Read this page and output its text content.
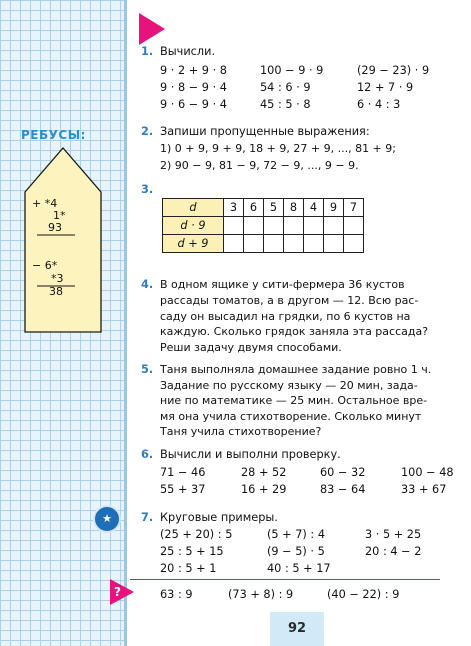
РЕБУСЫ:
+ *4
1*
93
− 6*
*3
38
1. Вычисли.
9 · 2 + 9 · 8	100 − 9 · 9	(29 − 23) · 9
9 · 8 − 9 · 4	54 : 6 · 9	12 + 7 · 9
9 · 6 − 9 · 4	45 : 5 · 8	6 · 4 : 3
2. Запиши пропущенные выражения:
1) 0 + 9, 9 + 9, 18 + 9, 27 + 9, ..., 81 + 9;
2) 90 − 9, 81 − 9, 72 − 9, ..., 9 − 9.
3.
d	3	6	5	8	4	9	7
d · 9							
d + 9							
4. В одном ящике у сити-фермера 36 кустов
рассады томатов, а в другом — 12. Всю рас-
саду он высадил на грядки, по 6 кустов на
каждую. Сколько грядок заняла эта рассада?
Реши задачу двумя способами.
5. Таня выполняла домашнее задание ровно 1 ч.
Задание по русскому языку — 20 мин, зада-
ние по математике — 25 мин. Остальное вре-
мя она учила стихотворение. Сколько минут
Таня учила стихотворение?
6. Вычисли и выполни проверку.
71 − 46	28 + 52	60 − 32	100 − 48
55 + 37	16 + 29	83 − 64	33 + 67
★	7. Круговые примеры.
(25 + 20) : 5	(5 + 7) : 4	3 · 5 + 25
25 : 5 + 15	(9 − 5) · 5	20 : 4 − 2
20 : 5 + 1	40 : 5 + 17
?	63 : 9	(73 + 8) : 9	(40 − 22) : 9
92
